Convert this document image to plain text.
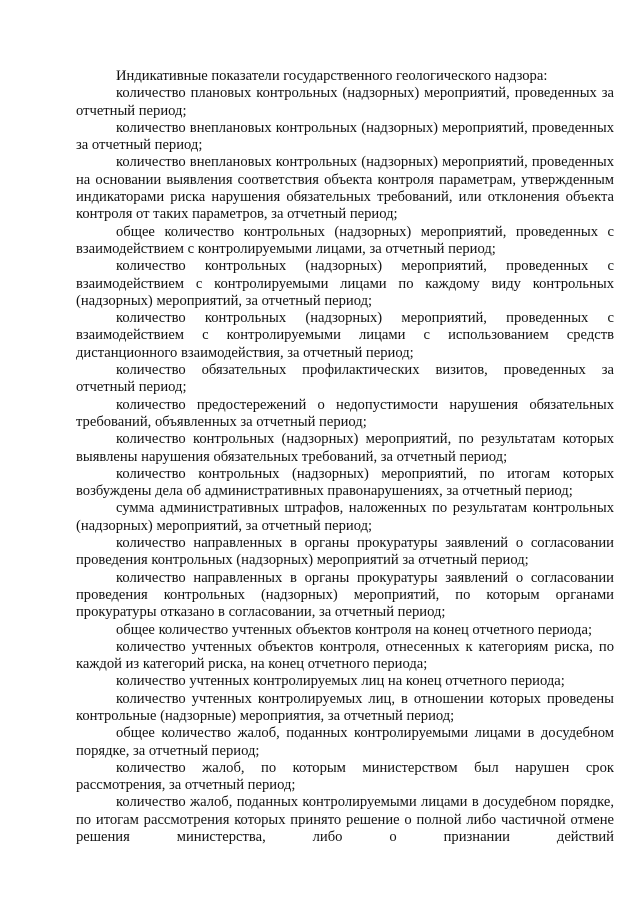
Индикативные показатели государственного геологического надзора:

количество плановых контрольных (надзорных) мероприятий, проведенных за отчетный период;

количество внеплановых контрольных (надзорных) мероприятий, проведенных за отчетный период;

количество внеплановых контрольных (надзорных) мероприятий, проведенных на основании выявления соответствия объекта контроля параметрам, утвержденным индикаторами риска нарушения обязательных требований, или отклонения объекта контроля от таких параметров, за отчетный период;

общее количество контрольных (надзорных) мероприятий, проведенных с взаимодействием с контролируемыми лицами, за отчетный период;

количество контрольных (надзорных) мероприятий, проведенных с взаимодействием с контролируемыми лицами по каждому виду контрольных (надзорных) мероприятий, за отчетный период;

количество контрольных (надзорных) мероприятий, проведенных с взаимодействием с контролируемыми лицами с использованием средств дистанционного взаимодействия, за отчетный период;

количество обязательных профилактических визитов, проведенных за отчетный период;

количество предостережений о недопустимости нарушения обязательных требований, объявленных за отчетный период;

количество контрольных (надзорных) мероприятий, по результатам которых выявлены нарушения обязательных требований, за отчетный период;

количество контрольных (надзорных) мероприятий, по итогам которых возбуждены дела об административных правонарушениях, за отчетный период;

сумма административных штрафов, наложенных по результатам контрольных (надзорных) мероприятий, за отчетный период;

количество направленных в органы прокуратуры заявлений о согласовании проведения контрольных (надзорных) мероприятий за отчетный период;

количество направленных в органы прокуратуры заявлений о согласовании проведения контрольных (надзорных) мероприятий, по которым органами прокуратуры отказано в согласовании, за отчетный период;

общее количество учтенных объектов контроля на конец отчетного периода;

количество учтенных объектов контроля, отнесенных к категориям риска, по каждой из категорий риска, на конец отчетного периода;

количество учтенных контролируемых лиц на конец отчетного периода;

количество учтенных контролируемых лиц, в отношении которых проведены контрольные (надзорные) мероприятия, за отчетный период;

общее количество жалоб, поданных контролируемыми лицами в досудебном порядке, за отчетный период;

количество жалоб, по которым министерством был нарушен срок рассмотрения, за отчетный период;

количество жалоб, поданных контролируемыми лицами в досудебном порядке, по итогам рассмотрения которых принято решение о полной либо частичной отмене решения министерства, либо о признании действий
